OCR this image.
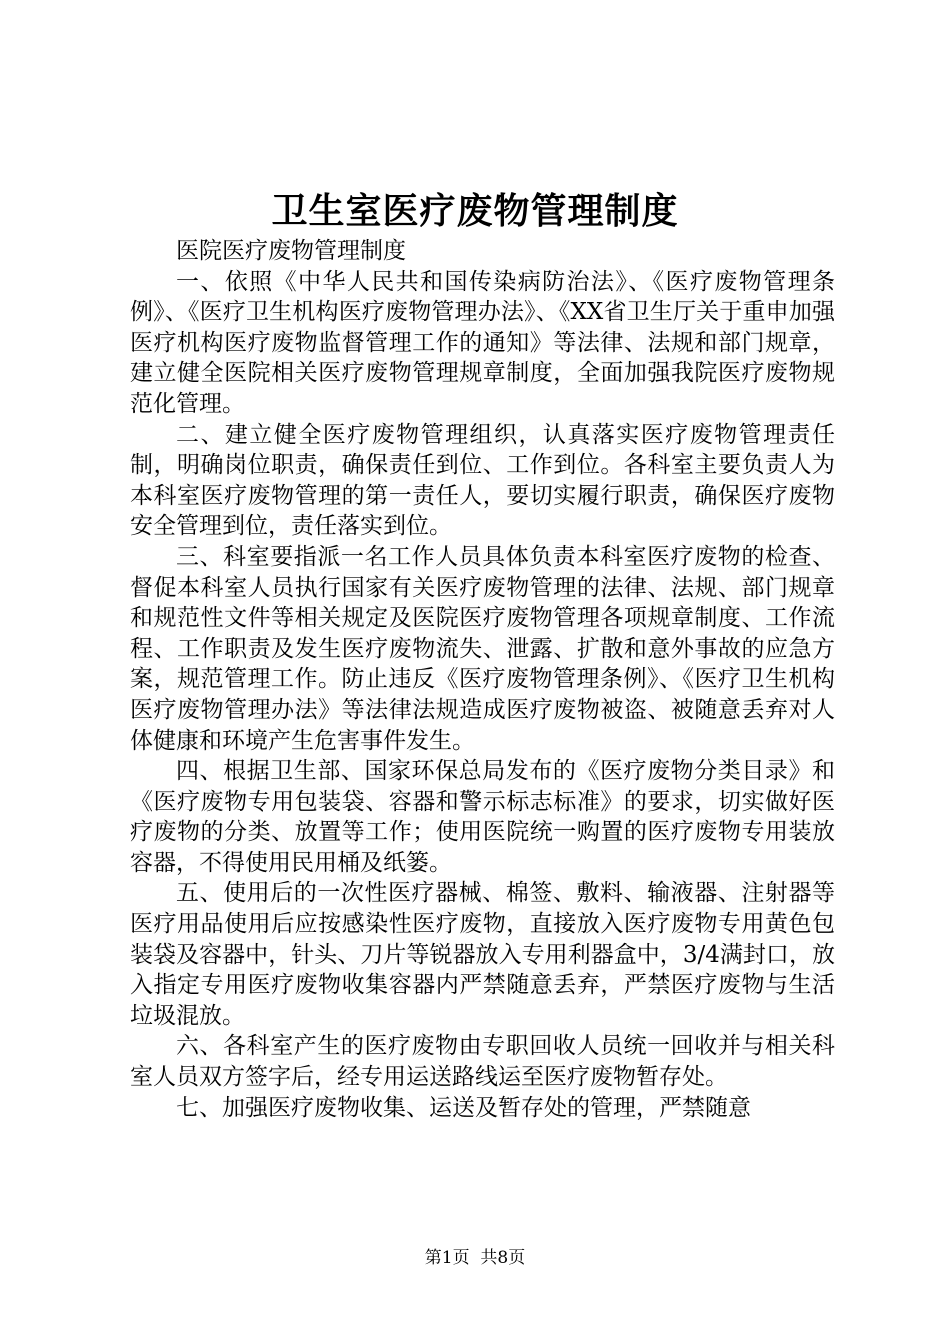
卫生室医疗废物管理制度

医院医疗废物管理制度

一、依照《中华人民共和国传染病防治法》、《医疗废物管理条例》、《医疗卫生机构医疗废物管理办法》、《XX省卫生厅关于重申加强医疗机构医疗废物监督管理工作的通知》等法律、法规和部门规章，建立健全医院相关医疗废物管理规章制度，全面加强我院医疗废物规范化管理。

二、建立健全医疗废物管理组织，认真落实医疗废物管理责任制，明确岗位职责，确保责任到位、工作到位。各科室主要负责人为本科室医疗废物管理的第一责任人，要切实履行职责，确保医疗废物安全管理到位，责任落实到位。

三、科室要指派一名工作人员具体负责本科室医疗废物的检查、督促本科室人员执行国家有关医疗废物管理的法律、法规、部门规章和规范性文件等相关规定及医院医疗废物管理各项规章制度、工作流程、工作职责及发生医疗废物流失、泄露、扩散和意外事故的应急方案，规范管理工作。防止违反《医疗废物管理条例》、《医疗卫生机构医疗废物管理办法》等法律法规造成医疗废物被盗、被随意丢弃对人体健康和环境产生危害事件发生。

四、根据卫生部、国家环保总局发布的《医疗废物分类目录》和《医疗废物专用包装袋、容器和警示标志标准》的要求，切实做好医疗废物的分类、放置等工作；使用医院统一购置的医疗废物专用装放容器，不得使用民用桶及纸篓。

五、使用后的一次性医疗器械、棉签、敷料、输液器、注射器等医疗用品使用后应按感染性医疗废物，直接放入医疗废物专用黄色包装袋及容器中，针头、刀片等锐器放入专用利器盒中，3/4满封口，放入指定专用医疗废物收集容器内严禁随意丢弃，严禁医疗废物与生活垃圾混放。

六、各科室产生的医疗废物由专职回收人员统一回收并与相关科室人员双方签字后，经专用运送路线运至医疗废物暂存处。

七、加强医疗废物收集、运送及暂存处的管理，严禁随意

第1页 共8页
